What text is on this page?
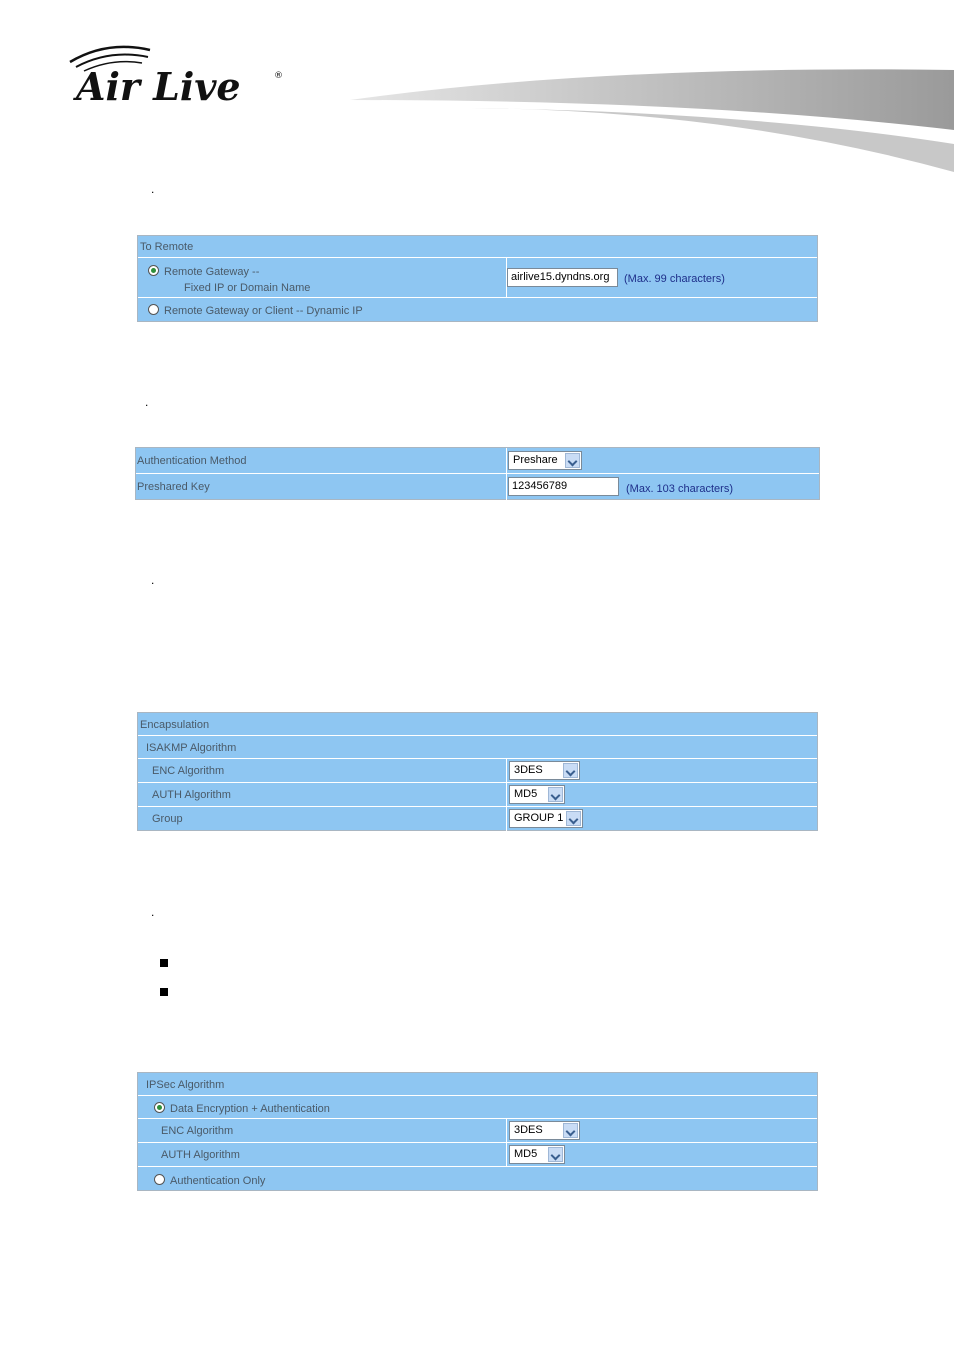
Air Live	®
.
.
.
.
To Remote
Remote Gateway --
Fixed IP or Domain Name
airlive15.dyndns.org	(Max. 99 characters)
Remote Gateway or Client -- Dynamic IP
Authentication Method	Preshare
Preshared Key	123456789	(Max. 103 characters)
Encapsulation
ISAKMP Algorithm
ENC Algorithm	3DES
AUTH Algorithm	MD5
Group	GROUP 1
IPSec Algorithm
Data Encryption + Authentication
ENC Algorithm	3DES
AUTH Algorithm	MD5
Authentication Only
